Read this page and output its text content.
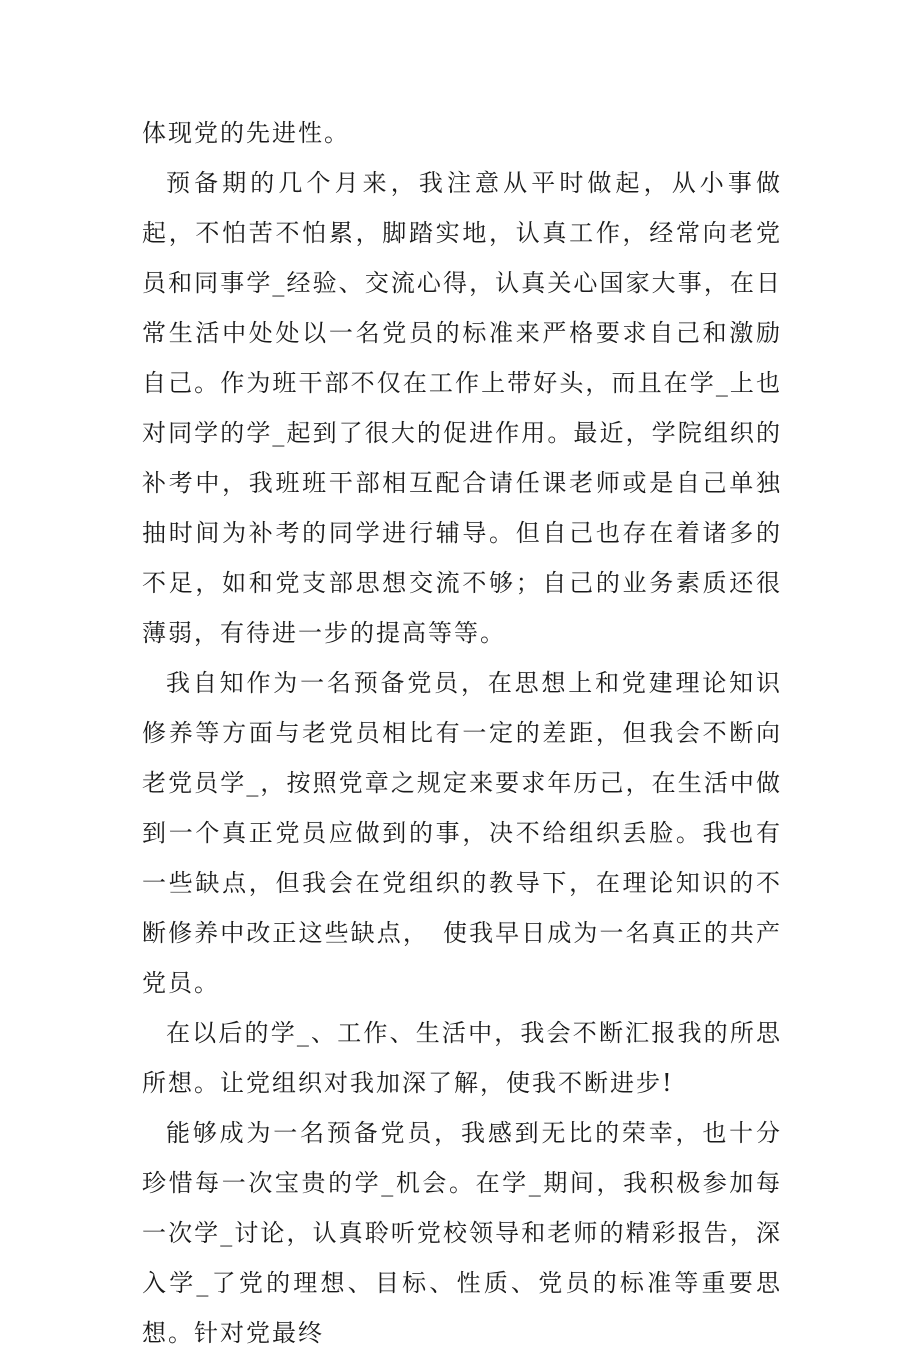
体现党的先进性。

预备期的几个月来，我注意从平时做起，从小事做起，不怕苦不怕累，脚踏实地，认真工作，经常向老党员和同事学_经验、交流心得，认真关心国家大事，在日常生活中处处以一名党员的标准来严格要求自己和激励自己。作为班干部不仅在工作上带好头，而且在学_上也对同学的学_起到了很大的促进作用。最近，学院组织的补考中，我班班干部相互配合请任课老师或是自己单独抽时间为补考的同学进行辅导。但自己也存在着诸多的不足，如和党支部思想交流不够；自己的业务素质还很薄弱，有待进一步的提高等等。

我自知作为一名预备党员，在思想上和党建理论知识修养等方面与老党员相比有一定的差距，但我会不断向老党员学_，按照党章之规定来要求年历己，在生活中做到一个真正党员应做到的事，决不给组织丢脸。我也有一些缺点，但我会在党组织的教导下，在理论知识的不断修养中改正这些缺点，　使我早日成为一名真正的共产党员。

在以后的学_、工作、生活中，我会不断汇报我的所思所想。让党组织对我加深了解，使我不断进步!

能够成为一名预备党员，我感到无比的荣幸，也十分珍惜每一次宝贵的学_机会。在学_期间，我积极参加每一次学_讨论，认真聆听党校领导和老师的精彩报告，深入学_了党的理想、目标、性质、党员的标准等重要思想。针对党最终
